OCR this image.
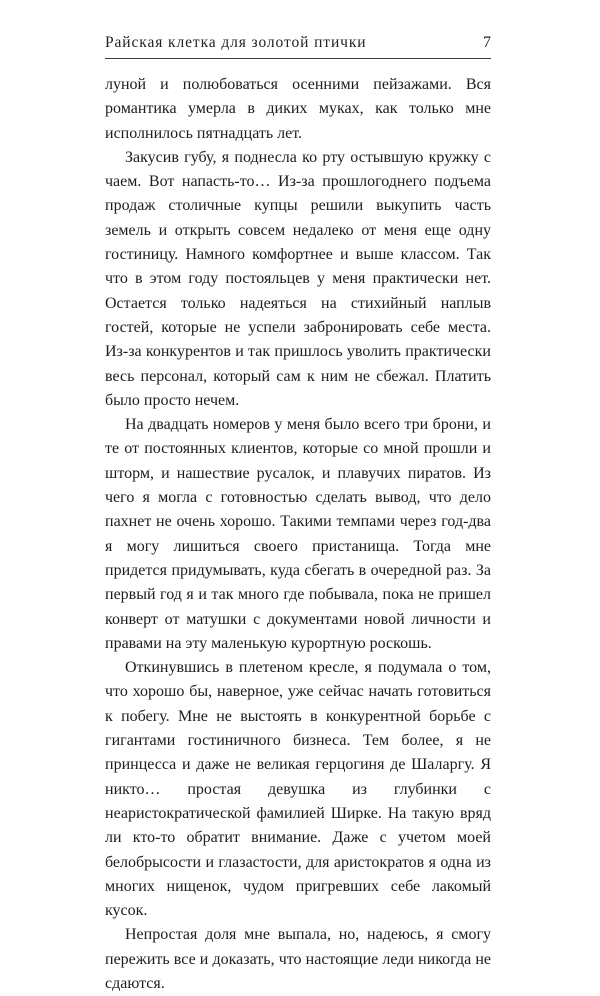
Райская клетка для золотой птички	7

луной и полюбоваться осенними пейзажами. Вся романтика умерла в диких муках, как только мне исполнилось пятнадцать лет.

Закусив губу, я поднесла ко рту остывшую кружку с чаем. Вот напасть-то… Из-за прошлогоднего подъема продаж столичные купцы решили выкупить часть земель и открыть совсем недалеко от меня еще одну гостиницу. Намного комфортнее и выше классом. Так что в этом году постояльцев у меня практически нет. Остается только надеяться на стихийный наплыв гостей, которые не успели забронировать себе места. Из-за конкурентов и так пришлось уволить практически весь персонал, который сам к ним не сбежал. Платить было просто нечем.

На двадцать номеров у меня было всего три брони, и те от постоянных клиентов, которые со мной прошли и шторм, и нашествие русалок, и плавучих пиратов. Из чего я могла с готовностью сделать вывод, что дело пахнет не очень хорошо. Такими темпами через год-два я могу лишиться своего пристанища. Тогда мне придется придумывать, куда сбегать в очередной раз. За первый год я и так много где побывала, пока не пришел конверт от матушки с документами новой личности и правами на эту маленькую курортную роскошь.

Откинувшись в плетеном кресле, я подумала о том, что хорошо бы, наверное, уже сейчас начать готовиться к побегу. Мне не выстоять в конкурентной борьбе с гигантами гостиничного бизнеса. Тем более, я не принцесса и даже не великая герцогиня де Шаларгу. Я никто… простая девушка из глубинки с неаристократической фамилией Ширке. На такую вряд ли кто-то обратит внимание. Даже с учетом моей белобрысости и глазастости, для аристократов я одна из многих нищенок, чудом пригревших себе лакомый кусок.

Непростая доля мне выпала, но, надеюсь, я смогу пережить все и доказать, что настоящие леди никогда не сдаются.
